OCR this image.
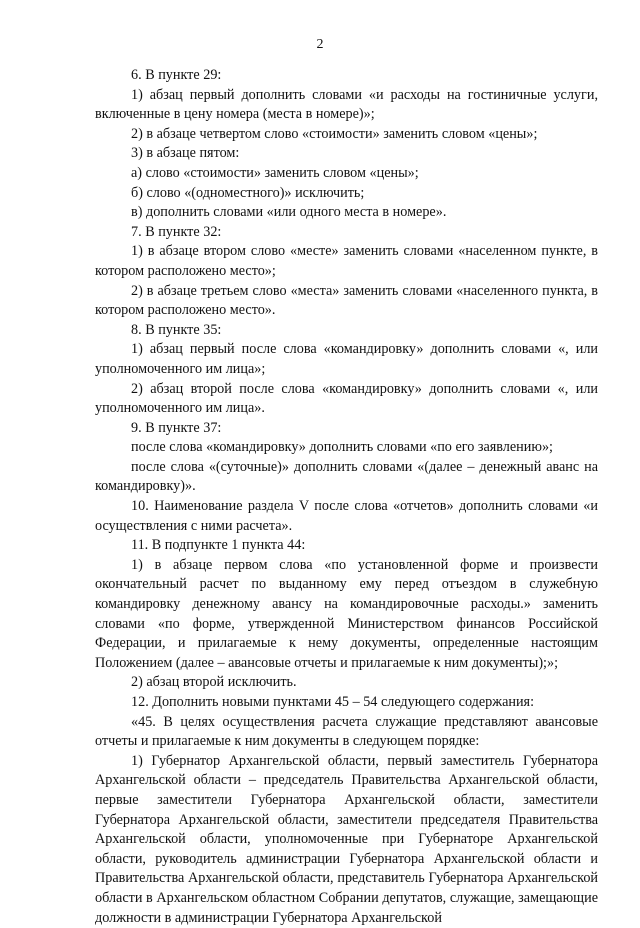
2

6. В пункте 29:

1) абзац первый дополнить словами «и расходы на гостиничные услуги, включенные в цену номера (места в номере)»;

2) в абзаце четвертом слово «стоимости» заменить словом «цены»;

3) в абзаце пятом:

а) слово «стоимости» заменить словом «цены»;

б) слово «(одноместного)» исключить;

в) дополнить словами «или одного места в номере».

7. В пункте 32:

1) в абзаце втором слово «месте» заменить словами «населенном пункте, в котором расположено место»;

2) в абзаце третьем слово «места» заменить словами «населенного пункта, в котором расположено место».

8. В пункте 35:

1) абзац первый после слова «командировку» дополнить словами «, или уполномоченного им лица»;

2) абзац второй после слова «командировку» дополнить словами «, или уполномоченного им лица».

9. В пункте 37:

после слова «командировку» дополнить словами «по его заявлению»;

после слова «(суточные)» дополнить словами «(далее – денежный аванс на командировку)».

10. Наименование раздела V после слова «отчетов» дополнить словами «и осуществления с ними расчета».

11. В подпункте 1 пункта 44:

1) в абзаце первом слова «по установленной форме и произвести окончательный расчет по выданному ему перед отъездом в служебную командировку денежному авансу на командировочные расходы.» заменить словами «по форме, утвержденной Министерством финансов Российской Федерации, и прилагаемые к нему документы, определенные настоящим Положением (далее – авансовые отчеты и прилагаемые к ним документы);»;

2) абзац второй исключить.

12. Дополнить новыми пунктами 45 – 54 следующего содержания:

«45. В целях осуществления расчета служащие представляют авансовые отчеты и прилагаемые к ним документы в следующем порядке:

1) Губернатор Архангельской области, первый заместитель Губернатора Архангельской области – председатель Правительства Архангельской области, первые заместители Губернатора Архангельской области, заместители Губернатора Архангельской области, заместители председателя Правительства Архангельской области, уполномоченные при Губернаторе Архангельской области, руководитель администрации Губернатора Архангельской области и Правительства Архангельской области, представитель Губернатора Архангельской области в Архангельском областном Собрании депутатов, служащие, замещающие должности в администрации Губернатора Архангельской
